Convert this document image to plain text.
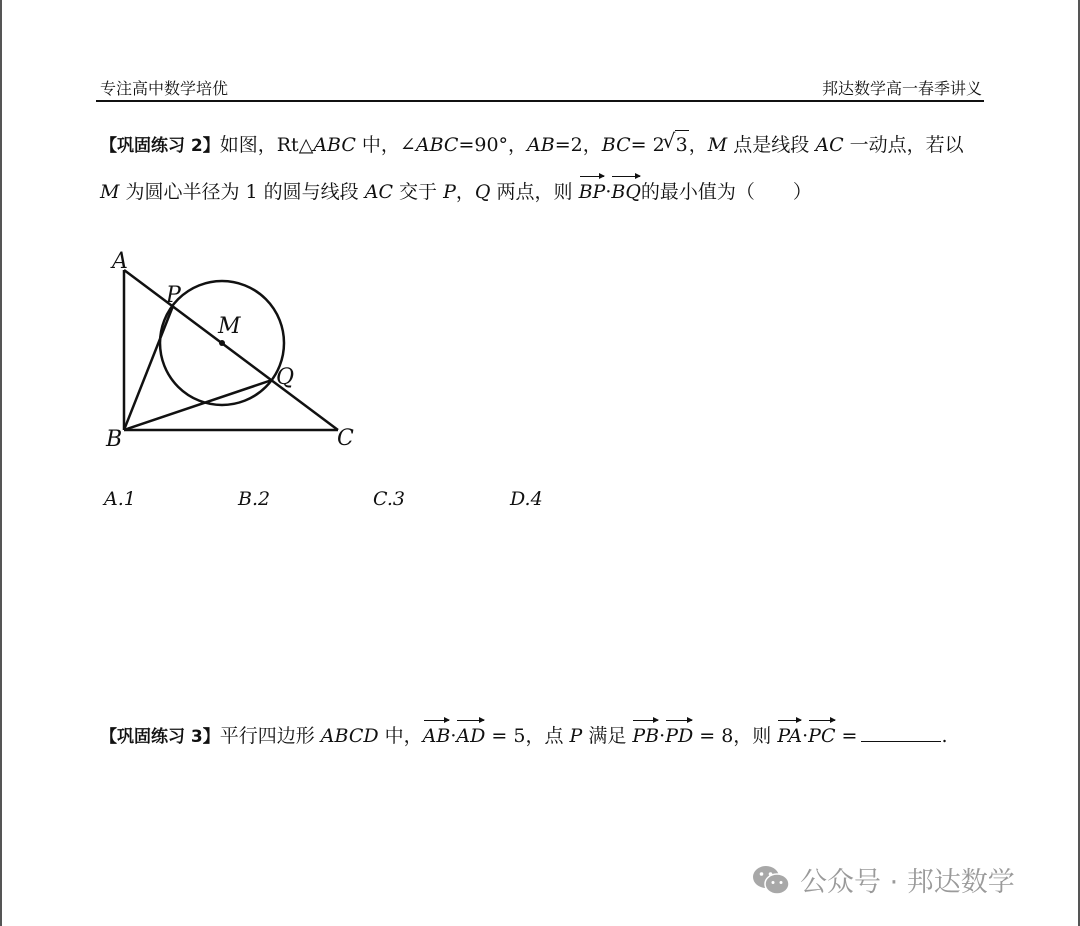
专注高中数学培优	邦达数学高一春季讲义
【巩固练习 2】如图，Rt△ABC 中，∠ABC=90°，AB=2，BC= 2√ 3，M 点是线段 AC 一动点，若以
M 为圆心半径为 1 的圆与线段 AC 交于 P，Q 两点，则 BP·BQ的最小值为（　　）
A
P
M
Q
B	C
A.1	B.2	C.3	D.4
【巩固练习 3】平行四边形 ABCD 中，AB·AD = 5，点 P 满足 PB·PD = 8，则 PA·PC =	.
公众号 · 邦达数学
